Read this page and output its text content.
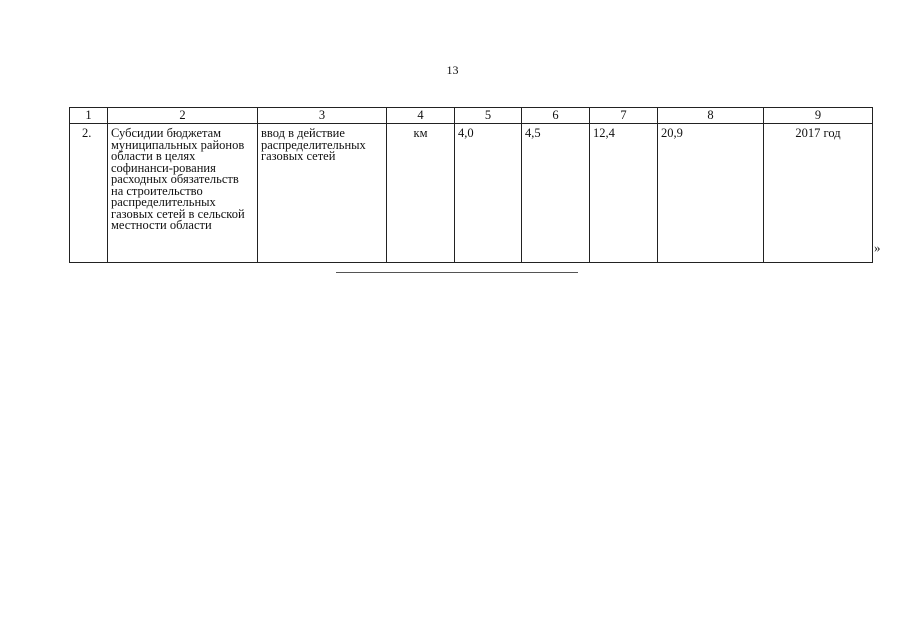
13
1	2	3	4	5	6	7	8	9
2.	Субсидии бюджетам муниципальных районов области в целях софинанси-рования расходных обязательств на строительство распределительных газовых сетей в сельской местности области	ввод в действие распределительных газовых сетей	км	4,0	4,5	12,4	20,9	2017 год
»
